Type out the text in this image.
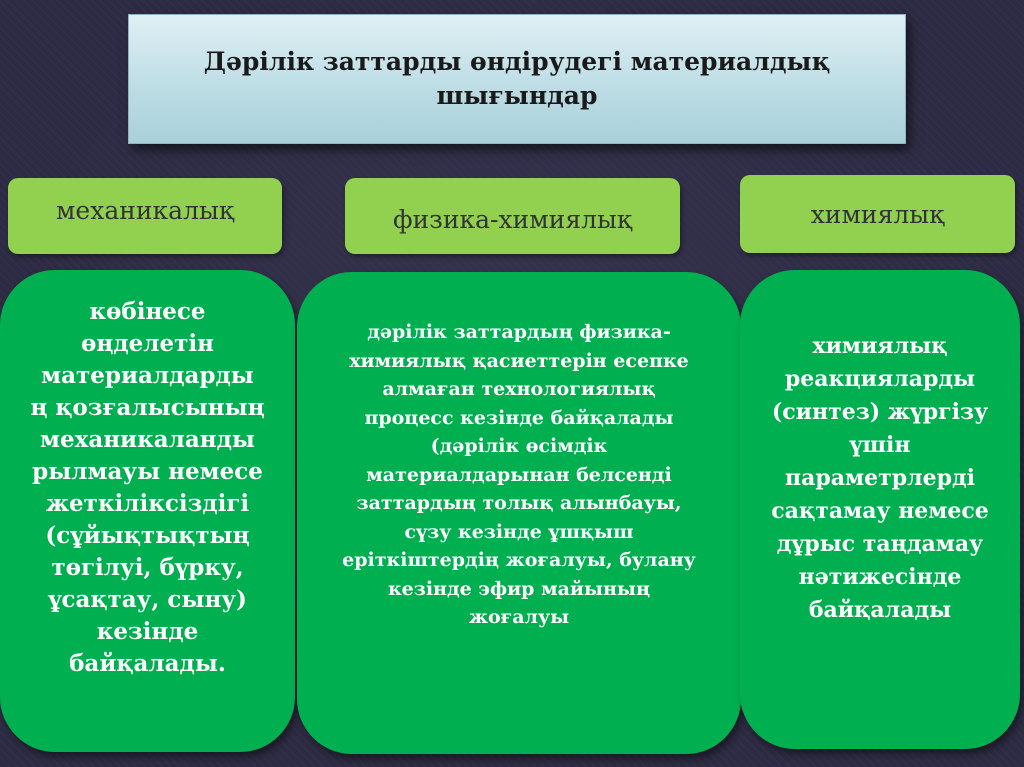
Дәрілік заттарды өндірудегі материалдық шығындар
механикалық	физика-химиялық	химиялық

көбінесе
өңделетін
материалдарды
ң қозғалысының
механикаланды
рылмауы немесе
жеткіліксіздігі
(сұйықтықтың
төгілуі, бүрку,
ұсақтау, сыну)
кезінде
байқалады.

дәрілік заттардың физика-химиялық қасиеттерін есепке алмаған технологиялық процесс кезінде байқалады (дәрілік өсімдік материалдарынан белсенді заттардың толық алынбауы, сүзу кезінде ұшқыш еріткіштердің жоғалуы, булану кезінде эфир майының жоғалуы

химиялық
реакцияларды
(синтез) жүргізу
үшін
параметрлерді
сақтамау немесе
дұрыс таңдамау
нәтижесінде
байқалады
